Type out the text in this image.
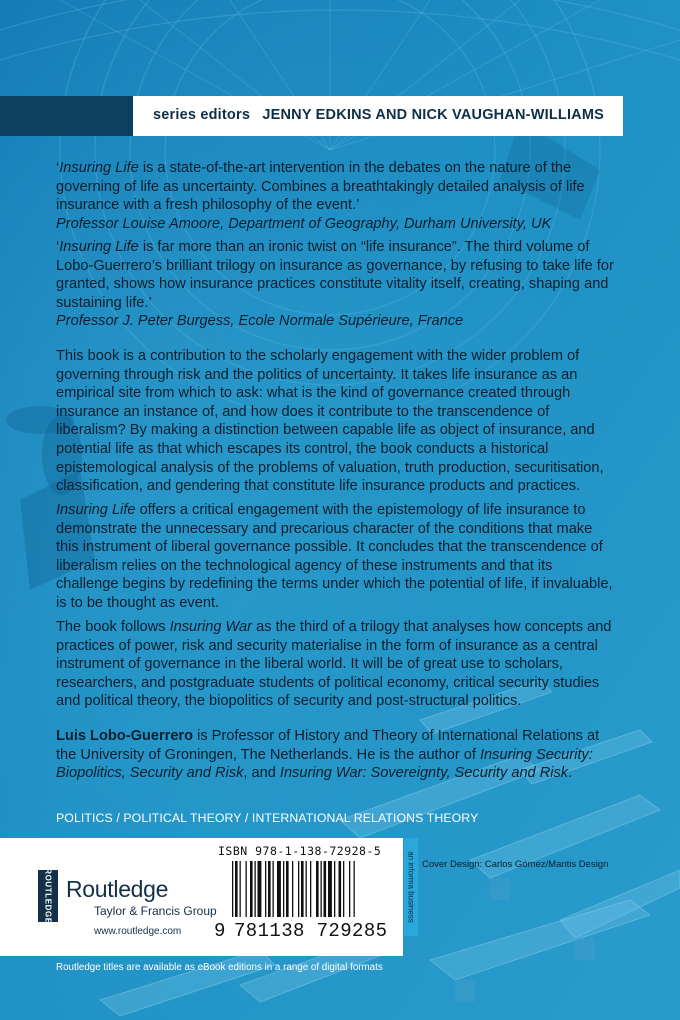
series editors JENNY EDKINS AND NICK VAUGHAN-WILLIAMS

‘Insuring Life is a state-of-the-art intervention in the debates on the nature of the governing of life as uncertainty. Combines a breathtakingly detailed analysis of life insurance with a fresh philosophy of the event.’

Professor Louise Amoore, Department of Geography, Durham University, UK

‘Insuring Life is far more than an ironic twist on “life insurance”. The third volume of Lobo-Guerrero’s brilliant trilogy on insurance as governance, by refusing to take life for granted, shows how insurance practices constitute vitality itself, creating, shaping and sustaining life.’

Professor J. Peter Burgess, Ecole Normale Supérieure, France

This book is a contribution to the scholarly engagement with the wider problem of governing through risk and the politics of uncertainty. It takes life insurance as an empirical site from which to ask: what is the kind of governance created through insurance an instance of, and how does it contribute to the transcendence of liberalism? By making a distinction between capable life as object of insurance, and potential life as that which escapes its control, the book conducts a historical epistemological analysis of the problems of valuation, truth production, securitisation, classification, and gendering that constitute life insurance products and practices.
Insuring Life offers a critical engagement with the epistemology of life insurance to demonstrate the unnecessary and precarious character of the conditions that make this instrument of liberal governance possible. It concludes that the transcendence of liberalism relies on the technological agency of these instruments and that its challenge begins by redefining the terms under which the potential of life, if invaluable, is to be thought as event.
The book follows Insuring War as the third of a trilogy that analyses how concepts and practices of power, risk and security materialise in the form of insurance as a central instrument of governance in the liberal world. It will be of great use to scholars, researchers, and postgraduate students of political economy, critical security studies and political theory, the biopolitics of security and post-structural politics.
Luis Lobo-Guerrero is Professor of History and Theory of International Relations at the University of Groningen, The Netherlands. He is the author of Insuring Security: Biopolitics, Security and Risk, and Insuring War: Sovereignty, Security and Risk.
POLITICS / POLITICAL THEORY / INTERNATIONAL RELATIONS THEORY
ROUTLEDGE Routledge
Taylor & Francis Group
www.routledge.com
ISBN 978-1-138-72928-5
9 781138 729285
an informa business Cover Design: Carlos Gómez/Mantis Design
Routledge titles are available as eBook editions in a range of digital formats
